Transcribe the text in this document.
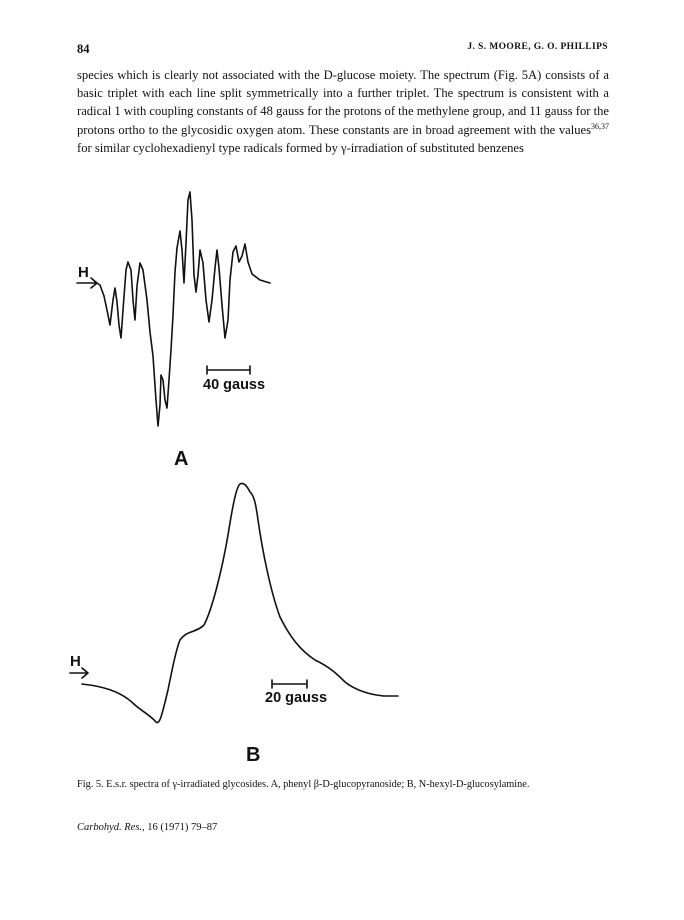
84	J. S. MOORE, G. O. PHILLIPS

species which is clearly not associated with the D-glucose moiety. The spectrum (Fig. 5A) consists of a basic triplet with each line split symmetrically into a further triplet. The spectrum is consistent with a radical 1 with coupling constants of 48 gauss for the protons of the methylene group, and 11 gauss for the protons ortho to the glycosidic oxygen atom. These constants are in broad agreement with the values$^{36,37}$ for similar cyclohexadienyl type radicals formed by γ-irradiation of substituted benzenes

H
40 gauss
H
20 gauss
A
B

Fig. 5. E.s.r. spectra of γ-irradiated glycosides. A, phenyl β-D-glucopyranoside; B, N-hexyl-D-glucosylamine.

Carbohyd. Res., 16 (1971) 79–87
